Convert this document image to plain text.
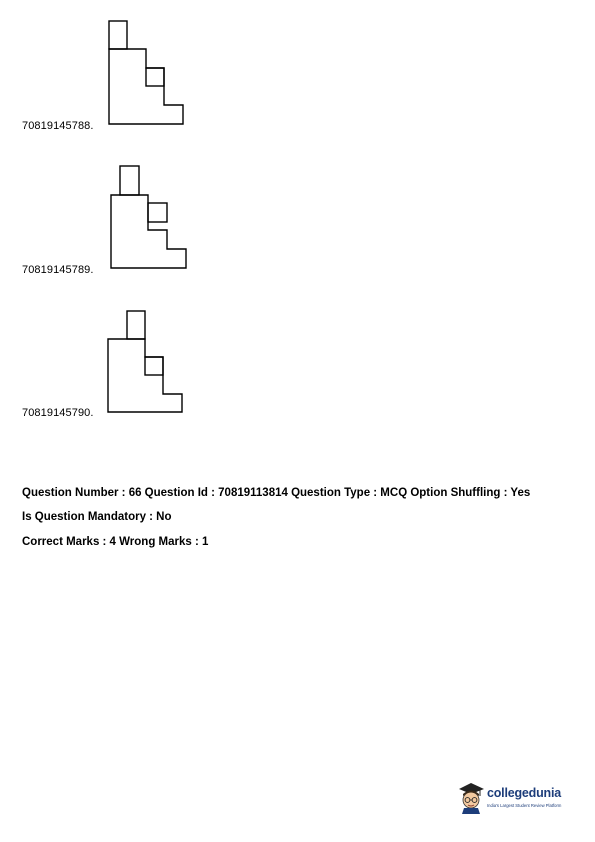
70819145788.
70819145789.
70819145790.
Question Number : 66 Question Id : 70819113814 Question Type : MCQ Option Shuffling : Yes
Is Question Mandatory : No
Correct Marks : 4 Wrong Marks : 1
collegedunia
India's Largest Student Review Platform
